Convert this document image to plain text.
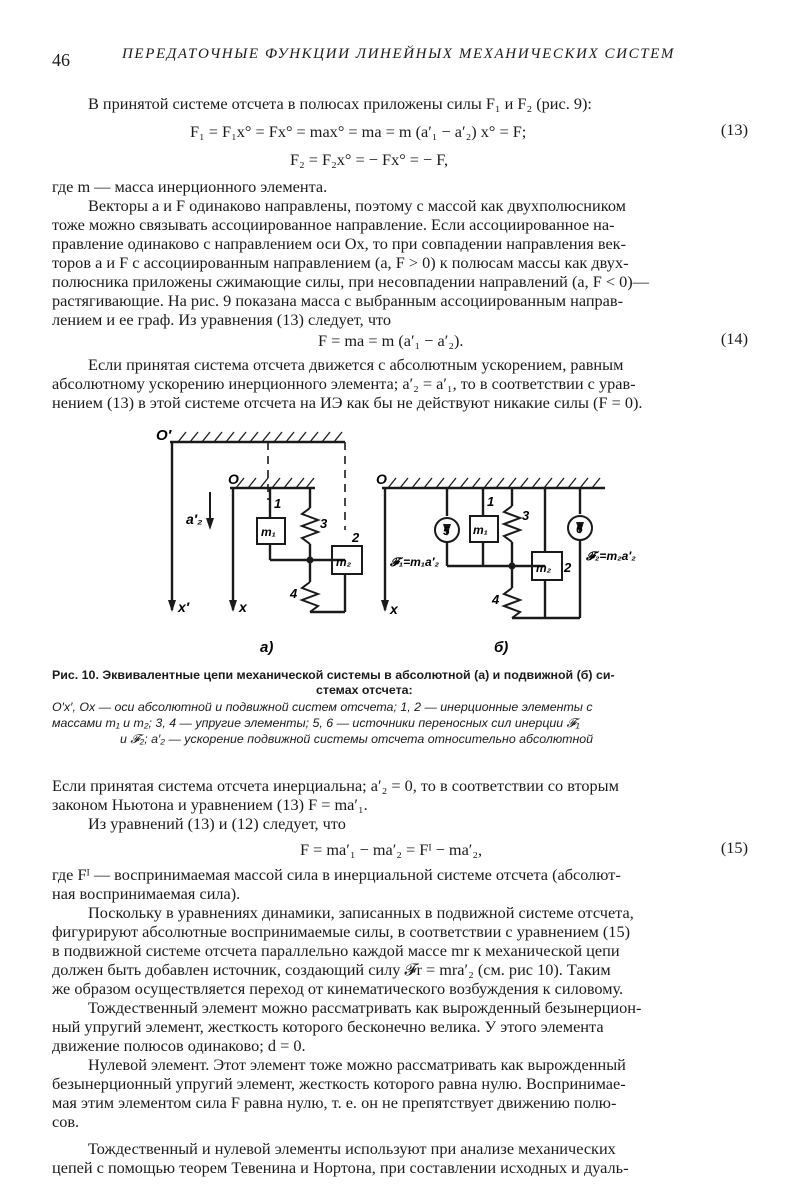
46	ПЕРЕДАТОЧНЫЕ ФУНКЦИИ ЛИНЕЙНЫХ МЕХАНИЧЕСКИХ СИСТЕМ
В принятой системе отсчета в полюсах приложены силы F₁ и F₂ (рис. 9):
F₁ = F₁x° = Fx° = max° = ma = m (a′₁ − a′₂) x° = F;	(13)
F₂ = F₂x° = − Fx° = − F,
где m — масса инерционного элемента.
Векторы a и F одинаково направлены, поэтому с массой как двухполюсником
тоже можно связывать ассоциированное направление. Если ассоциированное на-
правление одинаково с направлением оси Ox, то при совпадении направления век-
торов a и F с ассоциированным направлением (a, F > 0) к полюсам массы как двух-
полюсника приложены сжимающие силы, при несовпадении направлений (a, F < 0)—
растягивающие. На рис. 9 показана масса с выбранным ассоциированным направ-
лением и ее граф. Из уравнения (13) следует, что
F = ma = m (a′₁ − a′₂).	(14)
Если принятая система отсчета движется с абсолютным ускорением, равным
абсолютному ускорению инерционного элемента; a′₂ = a′₁, то в соответствии с урав-
нением (13) в этой системе отсчета на ИЭ как бы не действуют никакие силы (F = 0).
O′
O
a′₂
m₁
m₂
1
2
3
4
x′	x
а)
O
5	6
m₁
m₂
1
2
3
4
𝓕₁=m₁a′₂	𝓕₂=m₂a′₂
x
б)
Рис. 10. Эквивалентные цепи механической системы в абсолютной (а) и подвижной (б) си-
стемах отсчета:
O′x′, Ox — оси абсолютной и подвижной систем отсчета; 1, 2 — инерционные элементы с
массами m₁ и m₂; 3, 4 — упругие элементы; 5, 6 — источники переносных сил инерции 𝓕₁
и 𝓕₂; a′₂ — ускорение подвижной системы отсчета относительно абсолютной
Если принятая система отсчета инерциальна; a′₂ = 0, то в соответствии со вторым
законом Ньютона и уравнением (13) F = ma′₁.
Из уравнений (13) и (12) следует, что
F = ma′₁ − ma′₂ = Fᴵ − ma′₂,	(15)
где Fᴵ — воспринимаемая массой сила в инерциальной системе отсчета (абсолют-
ная воспринимаемая сила).
Поскольку в уравнениях динамики, записанных в подвижной системе отсчета,
фигурируют абсолютные воспринимаемые силы, в соответствии с уравнением (15)
в подвижной системе отсчета параллельно каждой массе mr к механической цепи
должен быть добавлен источник, создающий силу 𝓕r = mra′₂ (см. рис 10). Таким
же образом осуществляется переход от кинематического возбуждения к силовому.
Тождественный элемент можно рассматривать как вырожденный безынерцион-
ный упругий элемент, жесткость которого бесконечно велика. У этого элемента
движение полюсов одинаково; d = 0.
Нулевой элемент. Этот элемент тоже можно рассматривать как вырожденный
безынерционный упругий элемент, жесткость которого равна нулю. Воспринимае-
мая этим элементом сила F равна нулю, т. е. он не препятствует движению полю-
сов.
Тождественный и нулевой элементы используют при анализе механических
цепей с помощью теорем Тевенина и Нортона, при составлении исходных и дуаль-
